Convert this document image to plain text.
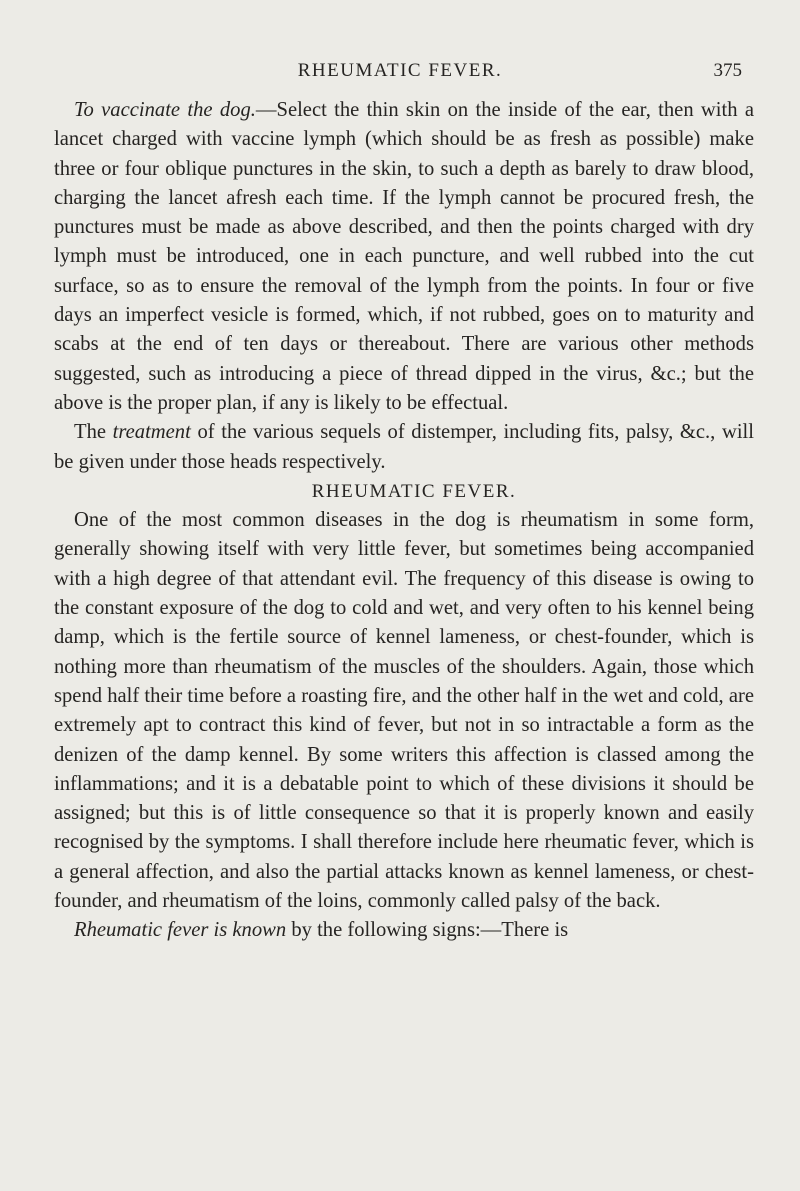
RHEUMATIC FEVER.	375

To vaccinate the dog.—Select the thin skin on the inside of the ear, then with a lancet charged with vaccine lymph (which should be as fresh as possible) make three or four oblique punctures in the skin, to such a depth as barely to draw blood, charging the lancet afresh each time. If the lymph cannot be procured fresh, the punctures must be made as above described, and then the points charged with dry lymph must be introduced, one in each puncture, and well rubbed into the cut surface, so as to ensure the removal of the lymph from the points. In four or five days an imperfect vesicle is formed, which, if not rubbed, goes on to maturity and scabs at the end of ten days or thereabout. There are various other methods suggested, such as introducing a piece of thread dipped in the virus, &c.; but the above is the proper plan, if any is likely to be effectual.

The treatment of the various sequels of distemper, including fits, palsy, &c., will be given under those heads respectively.

RHEUMATIC FEVER.

One of the most common diseases in the dog is rheumatism in some form, generally showing itself with very little fever, but sometimes being accompanied with a high degree of that attendant evil. The frequency of this disease is owing to the constant exposure of the dog to cold and wet, and very often to his kennel being damp, which is the fertile source of kennel lameness, or chest-founder, which is nothing more than rheumatism of the muscles of the shoulders. Again, those which spend half their time before a roasting fire, and the other half in the wet and cold, are extremely apt to contract this kind of fever, but not in so intractable a form as the denizen of the damp kennel. By some writers this affection is classed among the inflammations; and it is a debatable point to which of these divisions it should be assigned; but this is of little consequence so that it is properly known and easily recognised by the symptoms. I shall therefore include here rheumatic fever, which is a general affection, and also the partial attacks known as kennel lameness, or chest-founder, and rheumatism of the loins, commonly called palsy of the back.

Rheumatic fever is known by the following signs:—There is
